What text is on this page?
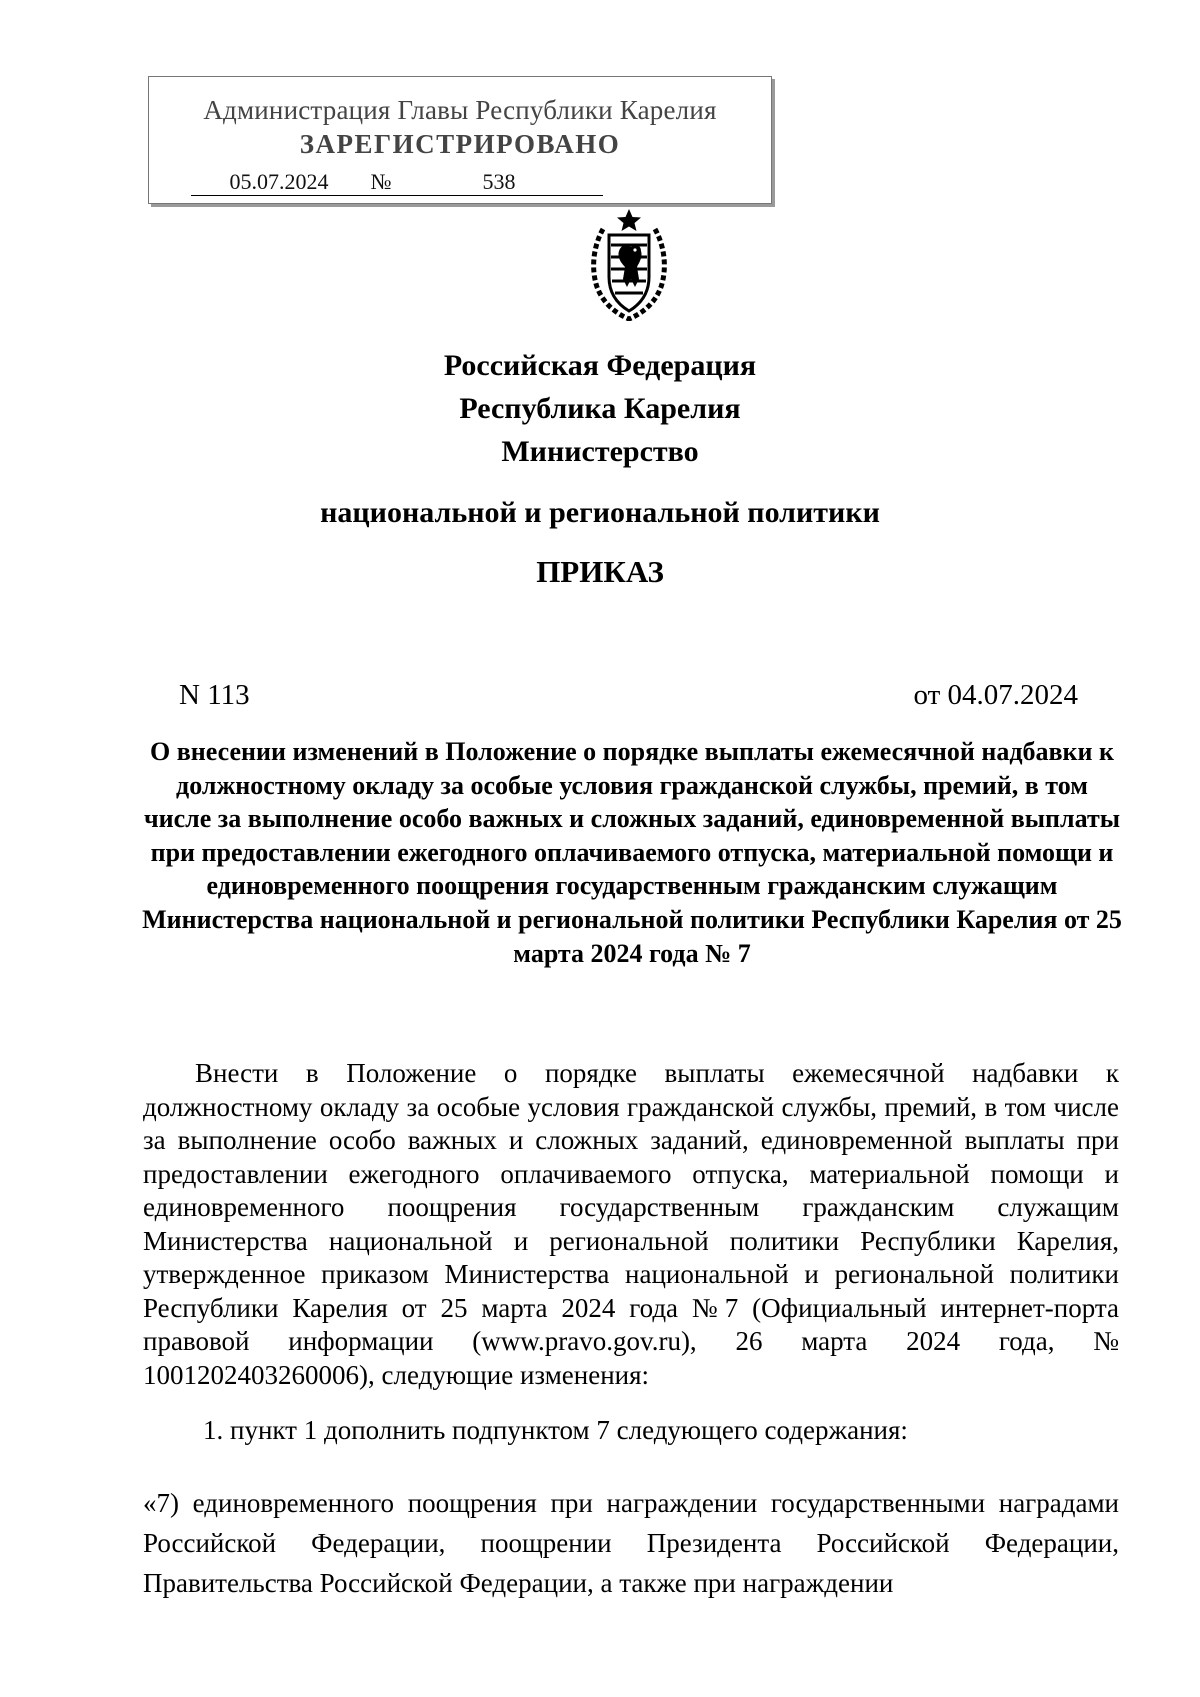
Администрация Главы Республики Карелия
ЗАРЕГИСТРИРОВАНО
05.07.2024 №	538
Российская Федерация
Республика Карелия
Министерство
национальной и региональной политики
ПРИКАЗ
N 113	от 04.07.2024
О внесении изменений в Положение о порядке выплаты ежемесячной надбавки к должностному окладу за особые условия гражданской службы, премий, в том числе за выполнение особо важных и сложных заданий, единовременной выплаты при предоставлении ежегодного оплачиваемого отпуска, материальной помощи и единовременного поощрения государственным гражданским служащим Министерства национальной и региональной политики Республики Карелия от 25 марта 2024 года № 7
Внести в Положение о порядке выплаты ежемесячной надбавки к должностному окладу за особые условия гражданской службы, премий, в том числе за выполнение особо важных и сложных заданий, единовременной выплаты при предоставлении ежегодного оплачиваемого отпуска, материальной помощи и единовременного поощрения государственным гражданским служащим Министерства национальной и региональной политики Республики Карелия, утвержденное приказом Министерства национальной и региональной политики Республики Карелия от 25 марта 2024 года №7 (Официальный интернет-порта правовой информации (www.pravo.gov.ru), 26 марта 2024 года, № 1001202403260006), следующие изменения:
1. пункт 1 дополнить подпунктом 7 следующего содержания:
«7) единовременного поощрения при награждении государственными наградами Российской Федерации, поощрении Президента Российской Федерации, Правительства Российской Федерации, а также при награждении
